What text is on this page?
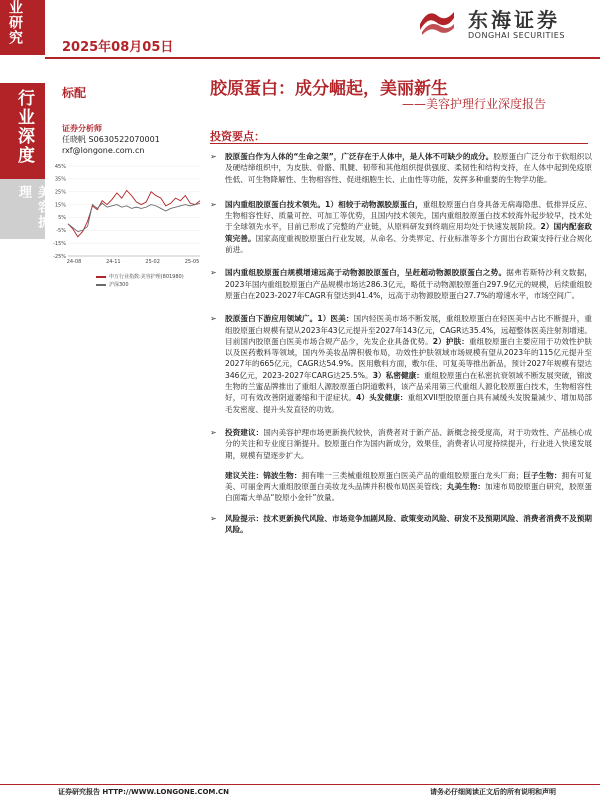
业研究
行业深度
美容护理
2025年08月05日
东海证券
DONGHAI SECURITIES
标配	胶原蛋白：成分崛起，美丽新生
——美容护理行业深度报告
证券分析师
任晓帆 S0630522070001
rxf@longone.com.cn
45%
35%
25%
15%
5%
-5%
-15%
-25%
24-08	24-11	25-02	25-05
申万行业指数:美容护理(801980)
沪深300
投资要点：
➢ 胶原蛋白作为人体的“生命之架”，广泛存在于人体中，是人体不可缺少的成分。胶原蛋白广泛分布于软组织以及硬结缔组织中，为皮肤、骨骼、肌腱、韧带和其他组织提供强度、柔韧性和结构支持，在人体中起到免疫原性低、可生物降解性、生物相容性、促进细胞生长、止血性等功能，发挥多种重要的生物学功能。
➢ 国内重组胶原蛋白技术领先。1）相较于动物源胶原蛋白，重组胶原蛋白自身具备无病毒隐患、低排异反应、生物相容性好、质量可控、可加工等优势，且国内技术领先，国内重组胶原蛋白技术较海外起步较早，技术处于全球领先水平，目前已形成了完整的产业链，从原料研发到终端应用均处于快速发展阶段。2）国内配套政策完善。国家高度重视胶原蛋白行业发展，从命名、分类界定、行业标准等多个方面出台政策支持行业合规化前进。
➢ 国内重组胶原蛋白规模增速远高于动物源胶原蛋白，呈赶超动物源胶原蛋白之势。据弗若斯特沙利文数据，2023年国内重组胶原蛋白产品规模市场达286.3亿元，略低于动物源胶原蛋白297.9亿元的规模，后续重组胶原蛋白在2023-2027年CAGR有望达到41.4%，远高于动物源胶原蛋白27.7%的增速水平，市场空间广。
➢ 胶原蛋白下游应用领域广。1）医美：国内轻医美市场不断发展，重组胶原蛋白在轻医美中占比不断提升，重组胶原蛋白规模有望从2023年43亿元提升至2027年143亿元，CAGR达35.4%，远超整体医美注射剂增速。目前国内胶原蛋白医美市场合规产品少，先发企业具备优势。2）护肤：重组胶原蛋白主要应用于功效性护肤以及医药敷料等领域，国内外美妆品牌积极布局，功效性护肤领域市场规模有望从2023年的115亿元提升至2027年的665亿元，CAGR达54.9%。医用敷料方面，敷尔佳、可复美等推出新品，预计2027年规模有望达346亿元，2023-2027年CARG达25.5%。3）私密健康：重组胶原蛋白在私密抗衰领域不断发展突破，锦波生物的兰蜜品牌推出了重组人源胶原蛋白阴道敷料，该产品采用第三代重组人源化胶原蛋白技术，生物相容性好，可有效改善阴道萎缩和干涩症状。4）头发健康：重组XVII型胶原蛋白具有减缓头发脱量减少、增加局部毛发密度、提升头发直径的功效。
➢ 投资建议：国内美容护理市场更新换代较快，消费者对于新产品、新概念接受度高，对于功效性、产品核心成分的关注和专业度日渐提升。胶原蛋白作为国内新成分，效果佳，消费者认可度持续提升，行业进入快速发展期，规模有望逐步扩大。
建议关注：锦波生物：拥有唯一三类械重组胶原蛋白医美产品的重组胶原蛋白龙头厂商；巨子生物：拥有可复美、可丽金两大重组胶原蛋白美妆龙头品牌并积极布局医美管线；丸美生物：加速布局胶原蛋白研究，胶原蛋白面霜大单品“胶原小金针”放量。
➢ 风险提示：技术更新换代风险、市场竞争加剧风险、政策变动风险、研发不及预期风险、消费者消费不及预期风险。
证券研究报告 HTTP://WWW.LONGONE.COM.CN	请务必仔细阅读正文后的所有说明和声明
